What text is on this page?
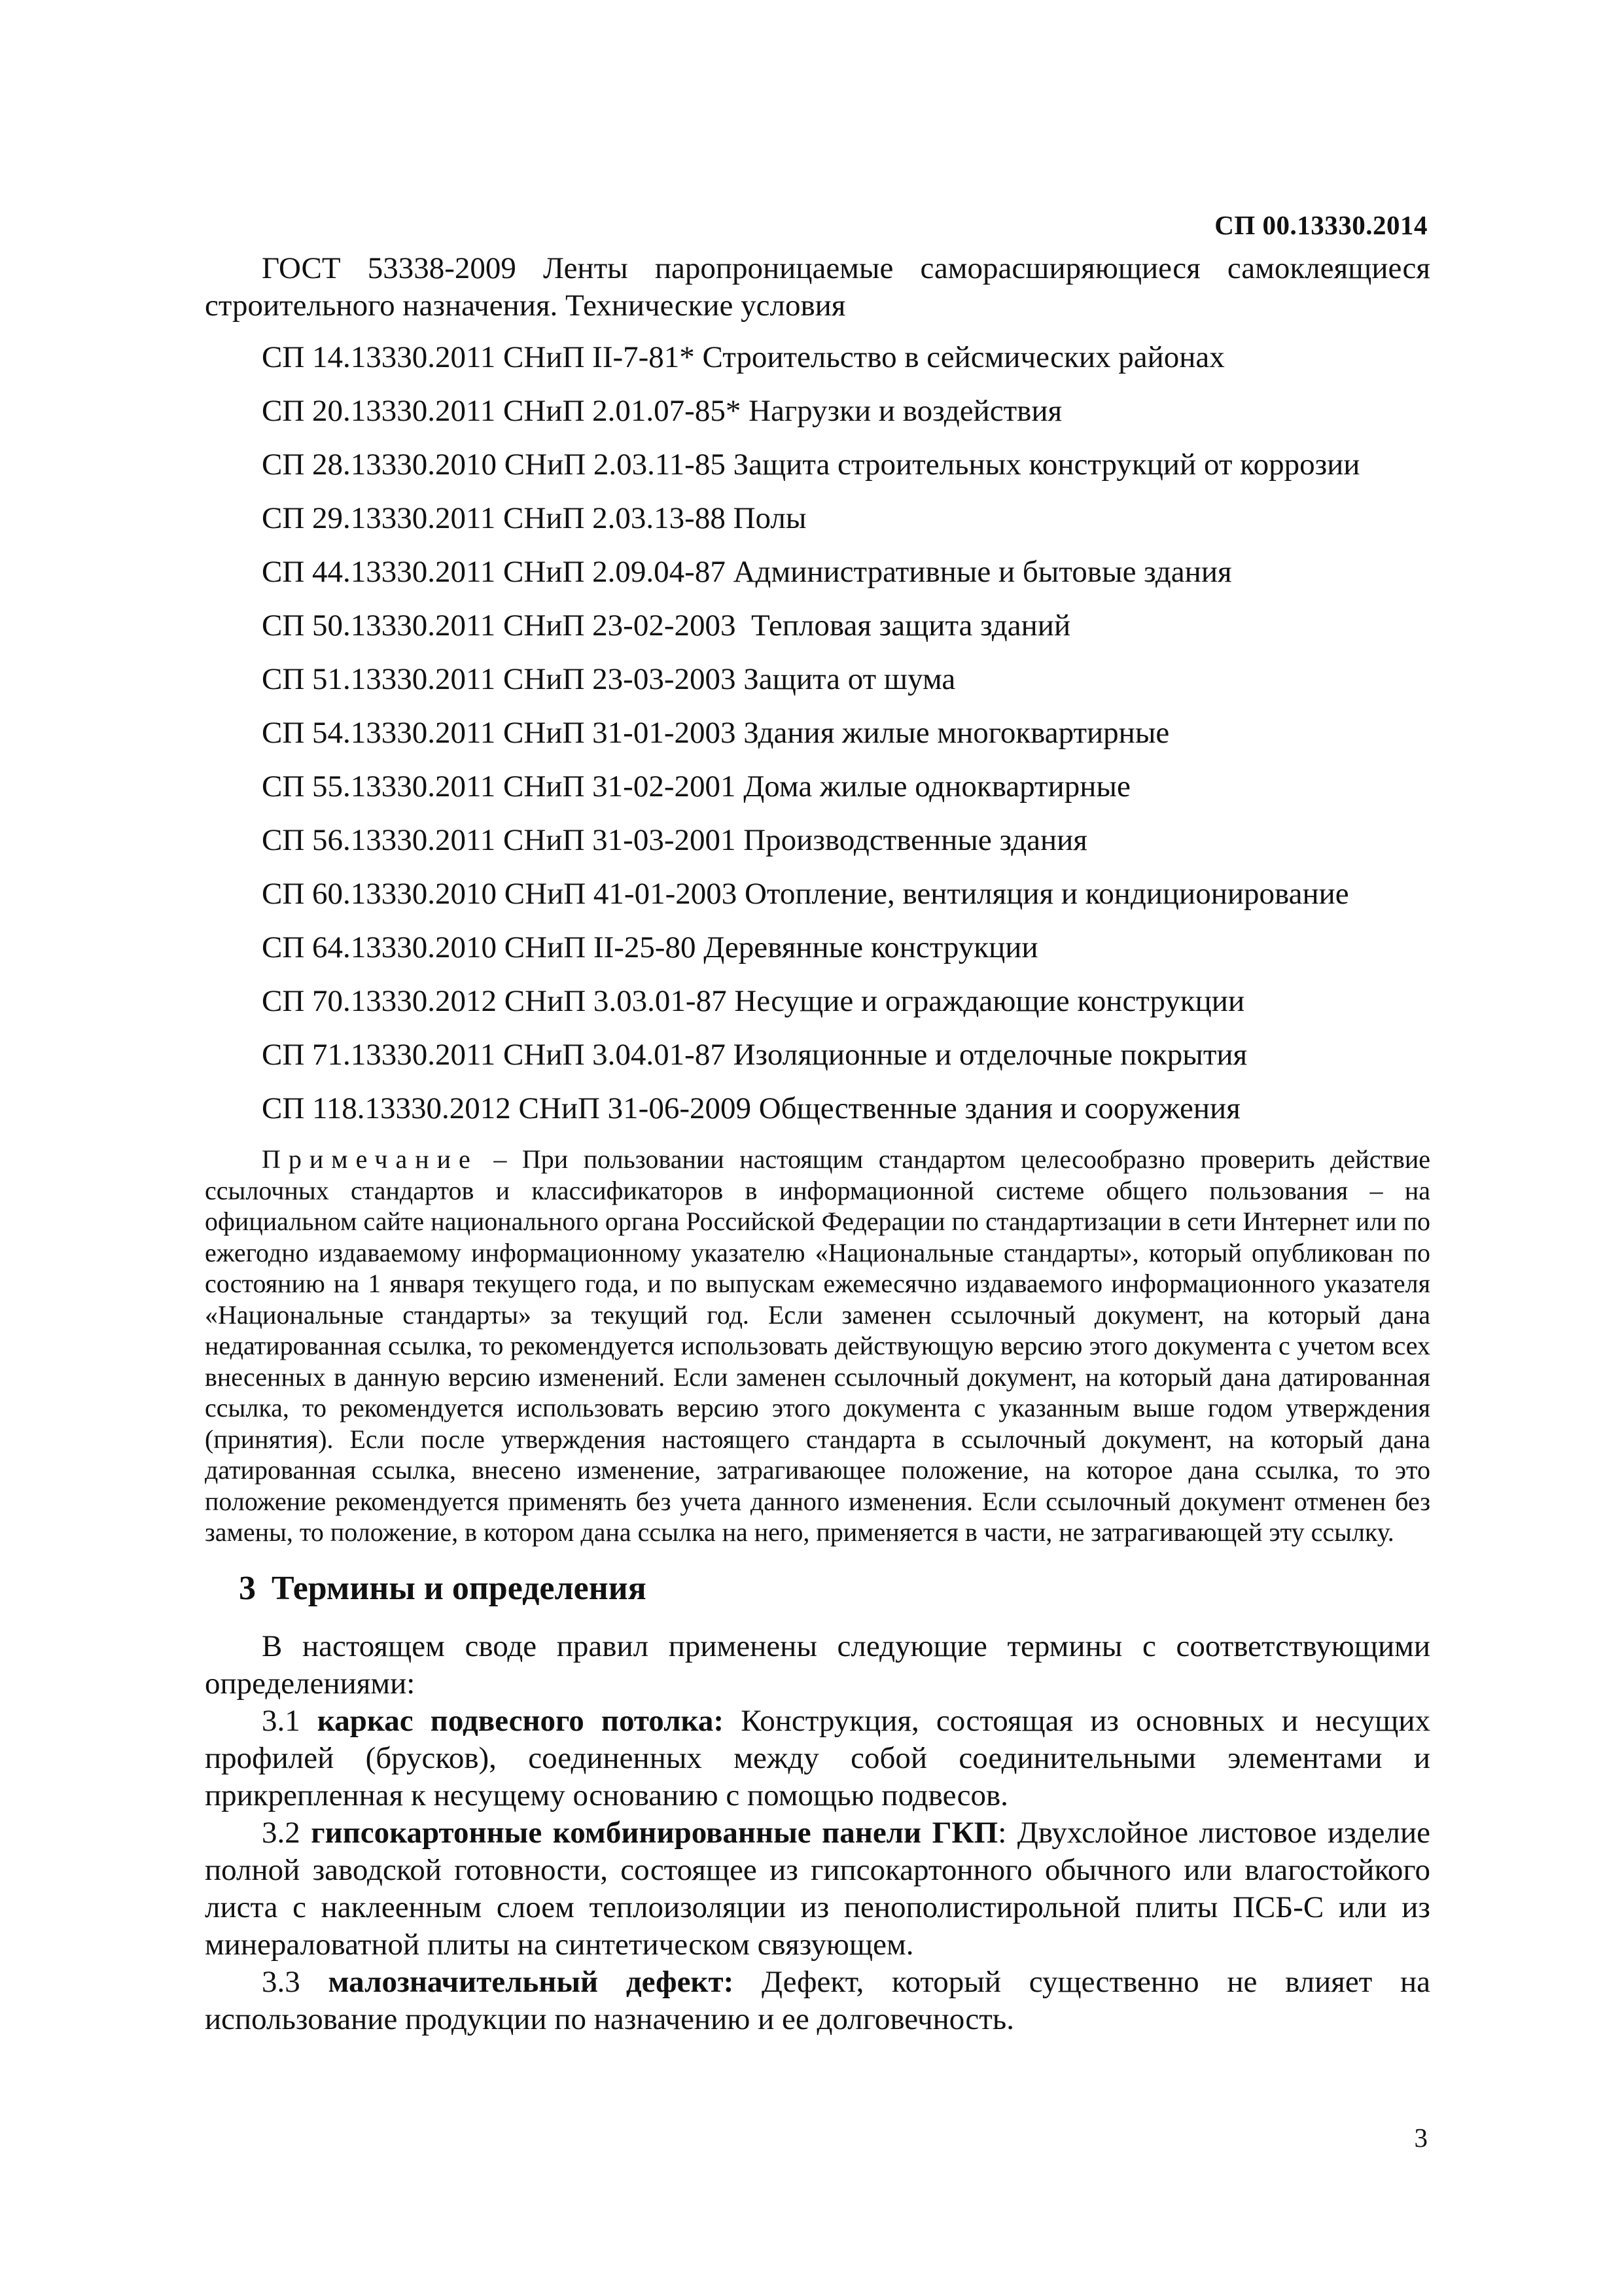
СП 00.13330.2014

ГОСТ 53338-2009 Ленты паропроницаемые саморасширяющиеся самоклеящиеся строительного назначения. Технические условия

СП 14.13330.2011 СНиП II-7-81* Строительство в сейсмических районах

СП 20.13330.2011 СНиП 2.01.07-85* Нагрузки и воздействия

СП 28.13330.2010 СНиП 2.03.11-85 Защита строительных конструкций от коррозии

СП 29.13330.2011 СНиП 2.03.13-88 Полы

СП 44.13330.2011 СНиП 2.09.04-87 Административные и бытовые здания

СП 50.13330.2011 СНиП 23-02-2003  Тепловая защита зданий

СП 51.13330.2011 СНиП 23-03-2003 Защита от шума

СП 54.13330.2011 СНиП 31-01-2003 Здания жилые многоквартирные

СП 55.13330.2011 СНиП 31-02-2001 Дома жилые одноквартирные

СП 56.13330.2011 СНиП 31-03-2001 Производственные здания

СП 60.13330.2010 СНиП 41-01-2003 Отопление, вентиляция и кондиционирование

СП 64.13330.2010 СНиП II-25-80 Деревянные конструкции

СП 70.13330.2012 СНиП 3.03.01-87 Несущие и ограждающие конструкции

СП 71.13330.2011 СНиП 3.04.01-87 Изоляционные и отделочные покрытия

СП 118.13330.2012 СНиП 31-06-2009 Общественные здания и сооружения

Примечание – При пользовании настоящим стандартом целесообразно проверить действие ссылочных стандартов и классификаторов в информационной системе общего пользования – на официальном сайте национального органа Российской Федерации по стандартизации в сети Интернет или по ежегодно издаваемому информационному указателю «Национальные стандарты», который опубликован по состоянию на 1 января текущего года, и по выпускам ежемесячно издаваемого информационного указателя «Национальные стандарты» за текущий год. Если заменен ссылочный документ, на который дана недатированная ссылка, то рекомендуется использовать действующую версию этого документа с учетом всех внесенных в данную версию изменений. Если заменен ссылочный документ, на который дана датированная ссылка, то рекомендуется использовать версию этого документа с указанным выше годом утверждения (принятия). Если после утверждения настоящего стандарта в ссылочный документ, на который дана датированная ссылка, внесено изменение, затрагивающее положение, на которое дана ссылка, то это положение рекомендуется применять без учета данного изменения. Если ссылочный документ отменен без замены, то положение, в котором дана ссылка на него, применяется в части, не затрагивающей эту ссылку.

3 Термины и определения

В настоящем своде правил применены следующие термины с соответствующими определениями:

3.1 каркас подвесного потолка: Конструкция, состоящая из основных и несущих профилей (брусков), соединенных между собой соединительными элементами и прикрепленная к несущему основанию с помощью подвесов.

3.2 гипсокартонные комбинированные панели ГКП: Двухслойное листовое изделие полной заводской готовности, состоящее из гипсокартонного обычного или влагостойкого листа с наклеенным слоем теплоизоляции из пенополистирольной плиты ПСБ-С или из минераловатной плиты на синтетическом связующем.

3.3 малозначительный дефект: Дефект, который существенно не влияет на использование продукции по назначению и ее долговечность.

3
